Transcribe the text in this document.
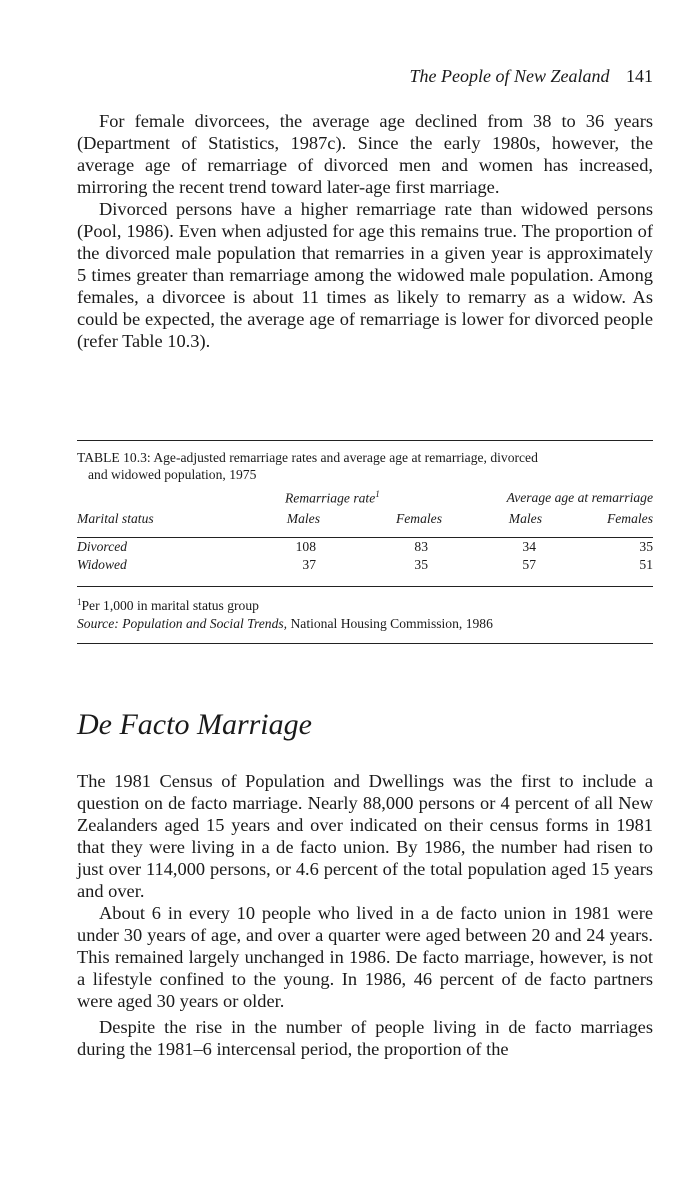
The People of New Zealand 141

For female divorcees, the average age declined from 38 to 36 years (Department of Statistics, 1987c). Since the early 1980s, however, the average age of remarriage of divorced men and women has increased, mirroring the recent trend toward later-age first marriage.

Divorced persons have a higher remarriage rate than widowed persons (Pool, 1986). Even when adjusted for age this remains true. The proportion of the divorced male population that remarries in a given year is approximately 5 times greater than remarriage among the widowed male population. Among females, a divorcee is about 11 times as likely to remarry as a widow. As could be expected, the average age of remarriage is lower for divorced people (refer Table 10.3).

TABLE 10.3: Age-adjusted remarriage rates and average age at remarriage, divorced
and widowed population, 1975
	Remarriage rate$^1$		Average age at remarriage	
Marital status	Males	Females	Males	Females

Divorced	108	83	34	35
Widowed	37	35	57	51

$^1$Per 1,000 in marital status group
Source: Population and Social Trends, National Housing Commission, 1986
De Facto Marriage

The 1981 Census of Population and Dwellings was the first to include a question on de facto marriage. Nearly 88,000 persons or 4 percent of all New Zealanders aged 15 years and over indicated on their census forms in 1981 that they were living in a de facto union. By 1986, the number had risen to just over 114,000 persons, or 4.6 percent of the total population aged 15 years and over.

About 6 in every 10 people who lived in a de facto union in 1981 were under 30 years of age, and over a quarter were aged between 20 and 24 years. This remained largely unchanged in 1986. De facto marriage, however, is not a lifestyle confined to the young. In 1986, 46 percent of de facto partners were aged 30 years or older.

Despite the rise in the number of people living in de facto marriages during the 1981–6 intercensal period, the proportion of the
